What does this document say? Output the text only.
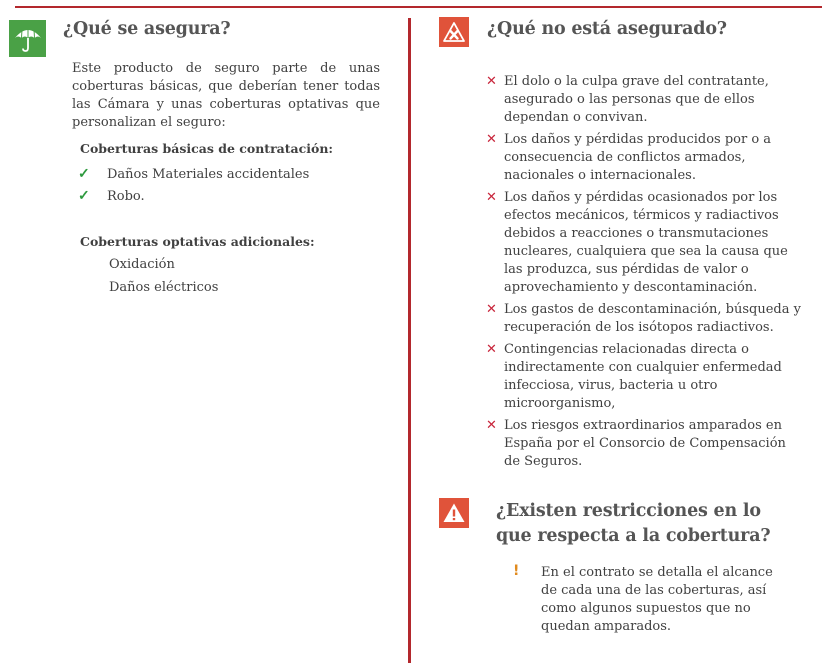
¿Qué se asegura?

Este producto de seguro parte de unas coberturas básicas, que deberían tener todas las Cámara y unas coberturas optativas que personalizan el seguro:

Coberturas básicas de contratación:
✓	Daños Materiales accidentales
✓	Robo.
Coberturas optativas adicionales:
Oxidación
Daños eléctricos
¿Qué no está asegurado?
✕ El dolo o la culpa grave del contratante, asegurado o las personas que de ellos dependan o convivan.
✕ Los daños y pérdidas producidos por o a consecuencia de conflictos armados, nacionales o internacionales.
✕ Los daños y pérdidas ocasionados por los efectos mecánicos, térmicos y radiactivos debidos a reacciones o transmutaciones nucleares, cualquiera que sea la causa que las produzca, sus pérdidas de valor o aprovechamiento y descontaminación.
✕ Los gastos de descontaminación, búsqueda y recuperación de los isótopos radiactivos.
✕ Contingencias relacionadas directa o indirectamente con cualquier enfermedad infecciosa, virus, bacteria u otro microorganismo,
✕ Los riesgos extraordinarios amparados en España por el Consorcio de Compensación de Seguros.
¿Existen restricciones en lo que respecta a la cobertura?
! En el contrato se detalla el alcance de cada una de las coberturas, así como algunos supuestos que no quedan amparados.
